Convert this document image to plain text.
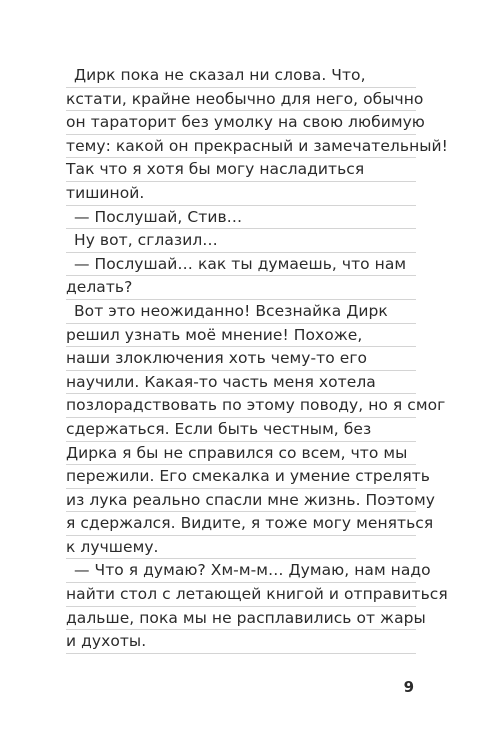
Дирк пока не сказал ни слова. Что,
кстати, крайне необычно для него, обычно
он тараторит без умолку на свою любимую
тему: какой он прекрасный и замечательный!
Так что я хотя бы могу насладиться
тишиной.
— Послушай, Стив…
Ну вот, сглазил…
— Послушай… как ты думаешь, что нам
делать?
Вот это неожиданно! Всезнайка Дирк
решил узнать моё мнение! Похоже,
наши злоключения хоть чему-то его
научили. Какая-то часть меня хотела
позлорадствовать по этому поводу, но я смог
сдержаться. Если быть честным, без
Дирка я бы не справился со всем, что мы
пережили. Его смекалка и умение стрелять
из лука реально спасли мне жизнь. Поэтому
я сдержался. Видите, я тоже могу меняться
к лучшему.
— Что я думаю? Хм-м-м… Думаю, нам надо
найти стол с летающей книгой и отправиться
дальше, пока мы не расплавились от жары
и духоты.
9
